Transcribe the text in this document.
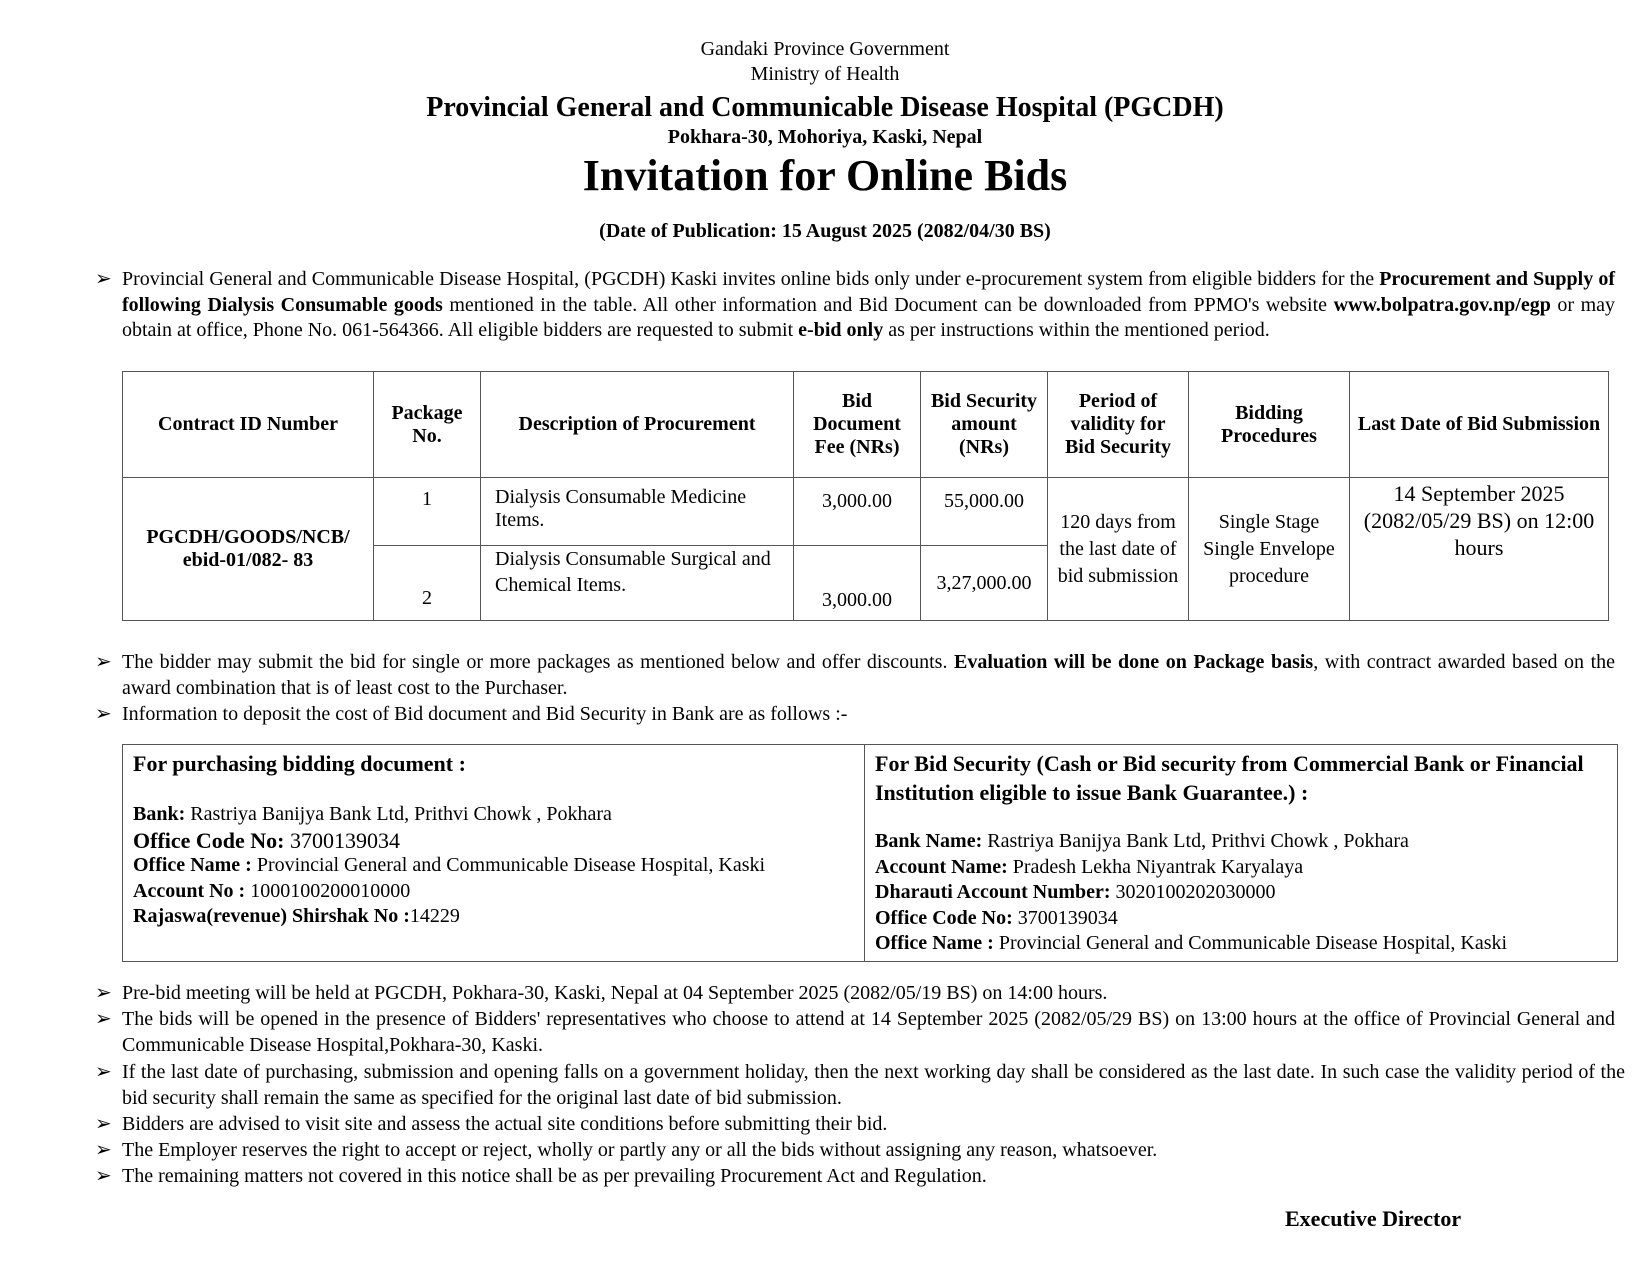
Gandaki Province Government
Ministry of Health
Provincial General and Communicable Disease Hospital (PGCDH)
Pokhara-30, Mohoriya, Kaski, Nepal
Invitation for Online Bids
(Date of Publication: 15 August 2025 (2082/04/30 BS)
➢ Provincial General and Communicable Disease Hospital, (PGCDH) Kaski invites online bids only under e-procurement system from eligible bidders for the Procurement and Supply of following Dialysis Consumable goods mentioned in the table. All other information and Bid Document can be downloaded from PPMO's website www.bolpatra.gov.np/egp or may obtain at office, Phone No. 061-564366. All eligible bidders are requested to submit e-bid only as per instructions within the mentioned period.
Contract ID Number	Package No.	Description of Procurement	Bid Document Fee (NRs)	Bid Security amount (NRs)	Period of validity for Bid Security	Bidding Procedures	Last Date of Bid Submission
PGCDH/GOODS/NCB/ ebid-01/082- 83	1	Dialysis Consumable Medicine Items.	3,000.00	55,000.00	120 days from the last date of bid submission	Single Stage Single Envelope procedure	14 September 2025 (2082/05/29 BS) on 12:00 hours
	2	Dialysis Consumable Surgical and Chemical Items.	3,000.00	3,27,000.00			
➢ The bidder may submit the bid for single or more packages as mentioned below and offer discounts. Evaluation will be done on Package basis, with contract awarded based on the award combination that is of least cost to the Purchaser.
➢ Information to deposit the cost of Bid document and Bid Security in Bank are as follows :-
For purchasing bidding document :
Bank: Rastriya Banijya Bank Ltd, Prithvi Chowk , Pokhara
Office Code No: 3700139034
Office Name : Provincial General and Communicable Disease Hospital, Kaski
Account No : 1000100200010000
Rajaswa(revenue) Shirshak No :14229

For Bid Security (Cash or Bid security from Commercial Bank or Financial Institution eligible to issue Bank Guarantee.) :
Bank Name: Rastriya Banijya Bank Ltd, Prithvi Chowk , Pokhara
Account Name: Pradesh Lekha Niyantrak Karyalaya
Dharauti Account Number: 3020100202030000
Office Code No: 3700139034
Office Name : Provincial General and Communicable Disease Hospital, Kaski
➢ Pre-bid meeting will be held at PGCDH, Pokhara-30, Kaski, Nepal at 04 September 2025 (2082/05/19 BS) on 14:00 hours.
➢ The bids will be opened in the presence of Bidders' representatives who choose to attend at 14 September 2025 (2082/05/29 BS) on 13:00 hours at the office of Provincial General and Communicable Disease Hospital,Pokhara-30, Kaski.
➢ If the last date of purchasing, submission and opening falls on a government holiday, then the next working day shall be considered as the last date. In such case the validity period of the bid security shall remain the same as specified for the original last date of bid submission.
➢ Bidders are advised to visit site and assess the actual site conditions before submitting their bid.
➢ The Employer reserves the right to accept or reject, wholly or partly any or all the bids without assigning any reason, whatsoever.
➢ The remaining matters not covered in this notice shall be as per prevailing Procurement Act and Regulation.
Executive Director
